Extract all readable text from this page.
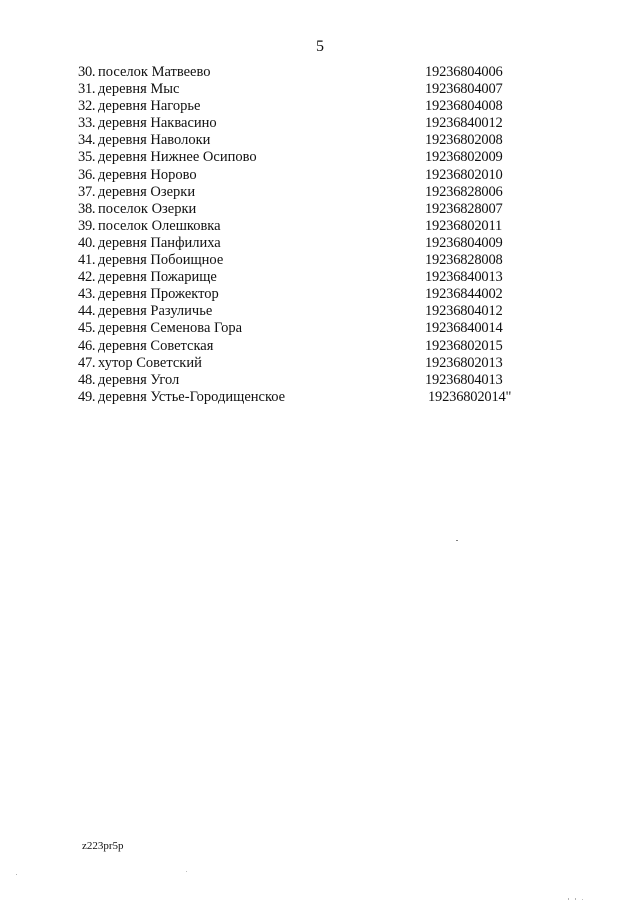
5
30. поселок Матвеево	19236804006
31. деревня Мыс	19236804007
32. деревня Нагорье	19236804008
33. деревня Наквасино	19236840012
34. деревня Наволоки	19236802008
35. деревня Нижнее Осипово	19236802009
36. деревня Норово	19236802010
37. деревня Озерки	19236828006
38. поселок Озерки	19236828007
39. поселок Олешковка	19236802011
40. деревня Панфилиха	19236804009
41. деревня Побоищное	19236828008
42. деревня Пожарище	19236840013
43. деревня Прожектор	19236844002
44. деревня Разуличье	19236804012
45. деревня Семенова Гора	19236840014
46. деревня Советская	19236802015
47. хутор Советский	19236802013
48. деревня Угол	19236804013
49. деревня Устье-Городищенское	19236802014"
z223pr5p
